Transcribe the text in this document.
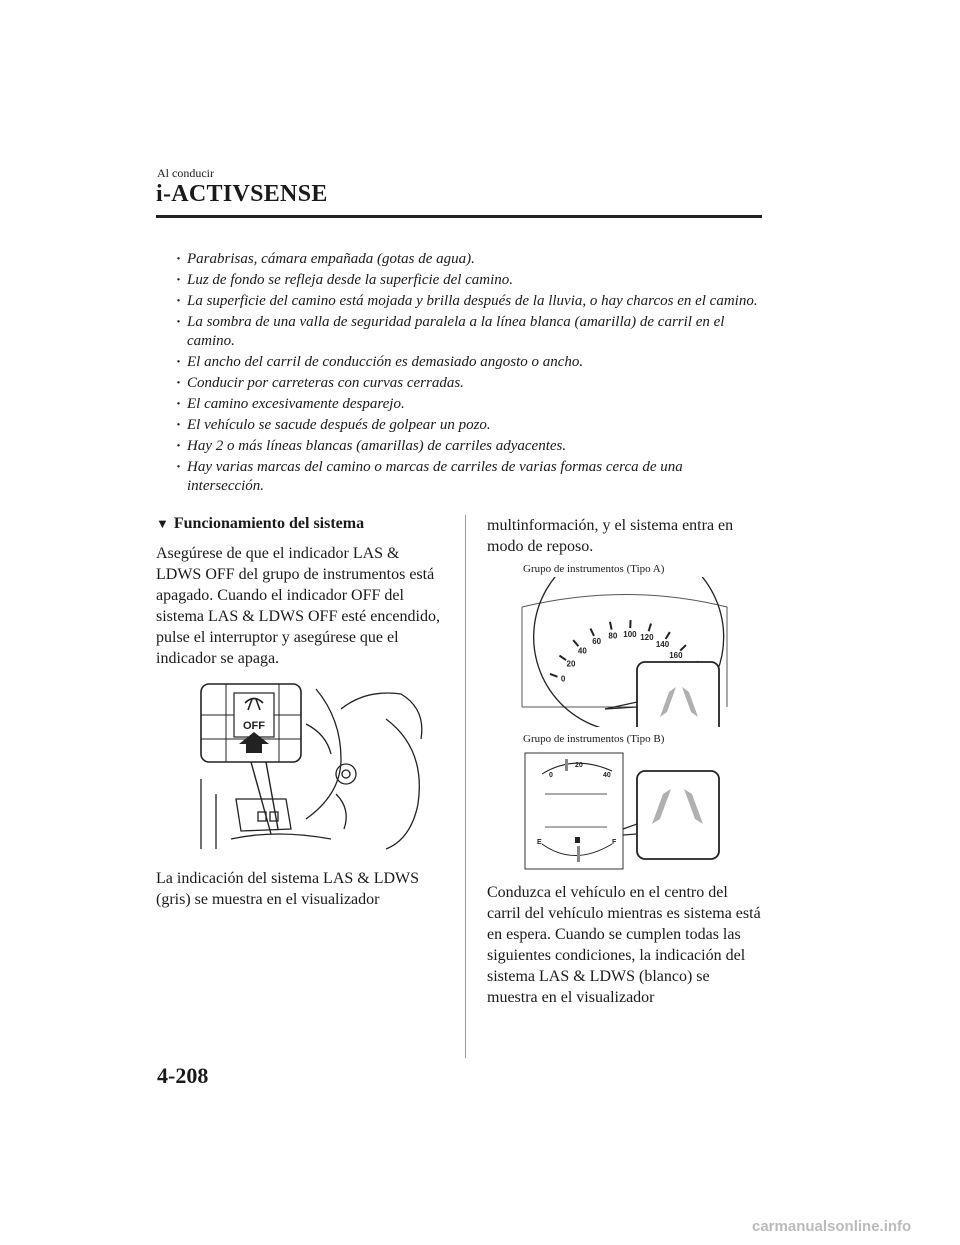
Al conducir
i-ACTIVSENSE
· Parabrisas, cámara empañada (gotas de agua).
· Luz de fondo se refleja desde la superficie del camino.
· La superficie del camino está mojada y brilla después de la lluvia, o hay charcos en el camino.
· La sombra de una valla de seguridad paralela a la línea blanca (amarilla) de carril en el camino.
· El ancho del carril de conducción es demasiado angosto o ancho.
· Conducir por carreteras con curvas cerradas.
· El camino excesivamente desparejo.
· El vehículo se sacude después de golpear un pozo.
· Hay 2 o más líneas blancas (amarillas) de carriles adyacentes.
· Hay varias marcas del camino o marcas de carriles de varias formas cerca de una intersección.
▼ Funcionamiento del sistema

Asegúrese de que el indicador LAS & LDWS OFF del grupo de instrumentos está apagado. Cuando el indicador OFF del sistema LAS & LDWS OFF esté encendido, pulse el interruptor y asegúrese que el indicador se apaga.

OFF

La indicación del sistema LAS & LDWS (gris) se muestra en el visualizador

multinformación, y el sistema entra en modo de reposo.

Grupo de instrumentos (Tipo A)
0
20
40
60
80 100 120
140
160
Grupo de instrumentos (Tipo B)
0
20
40
E	F

Conduzca el vehículo en el centro del carril del vehículo mientras es sistema está en espera. Cuando se cumplen todas las siguientes condiciones, la indicación del sistema LAS & LDWS (blanco) se muestra en el visualizador

4-208
carmanualsonline.info
